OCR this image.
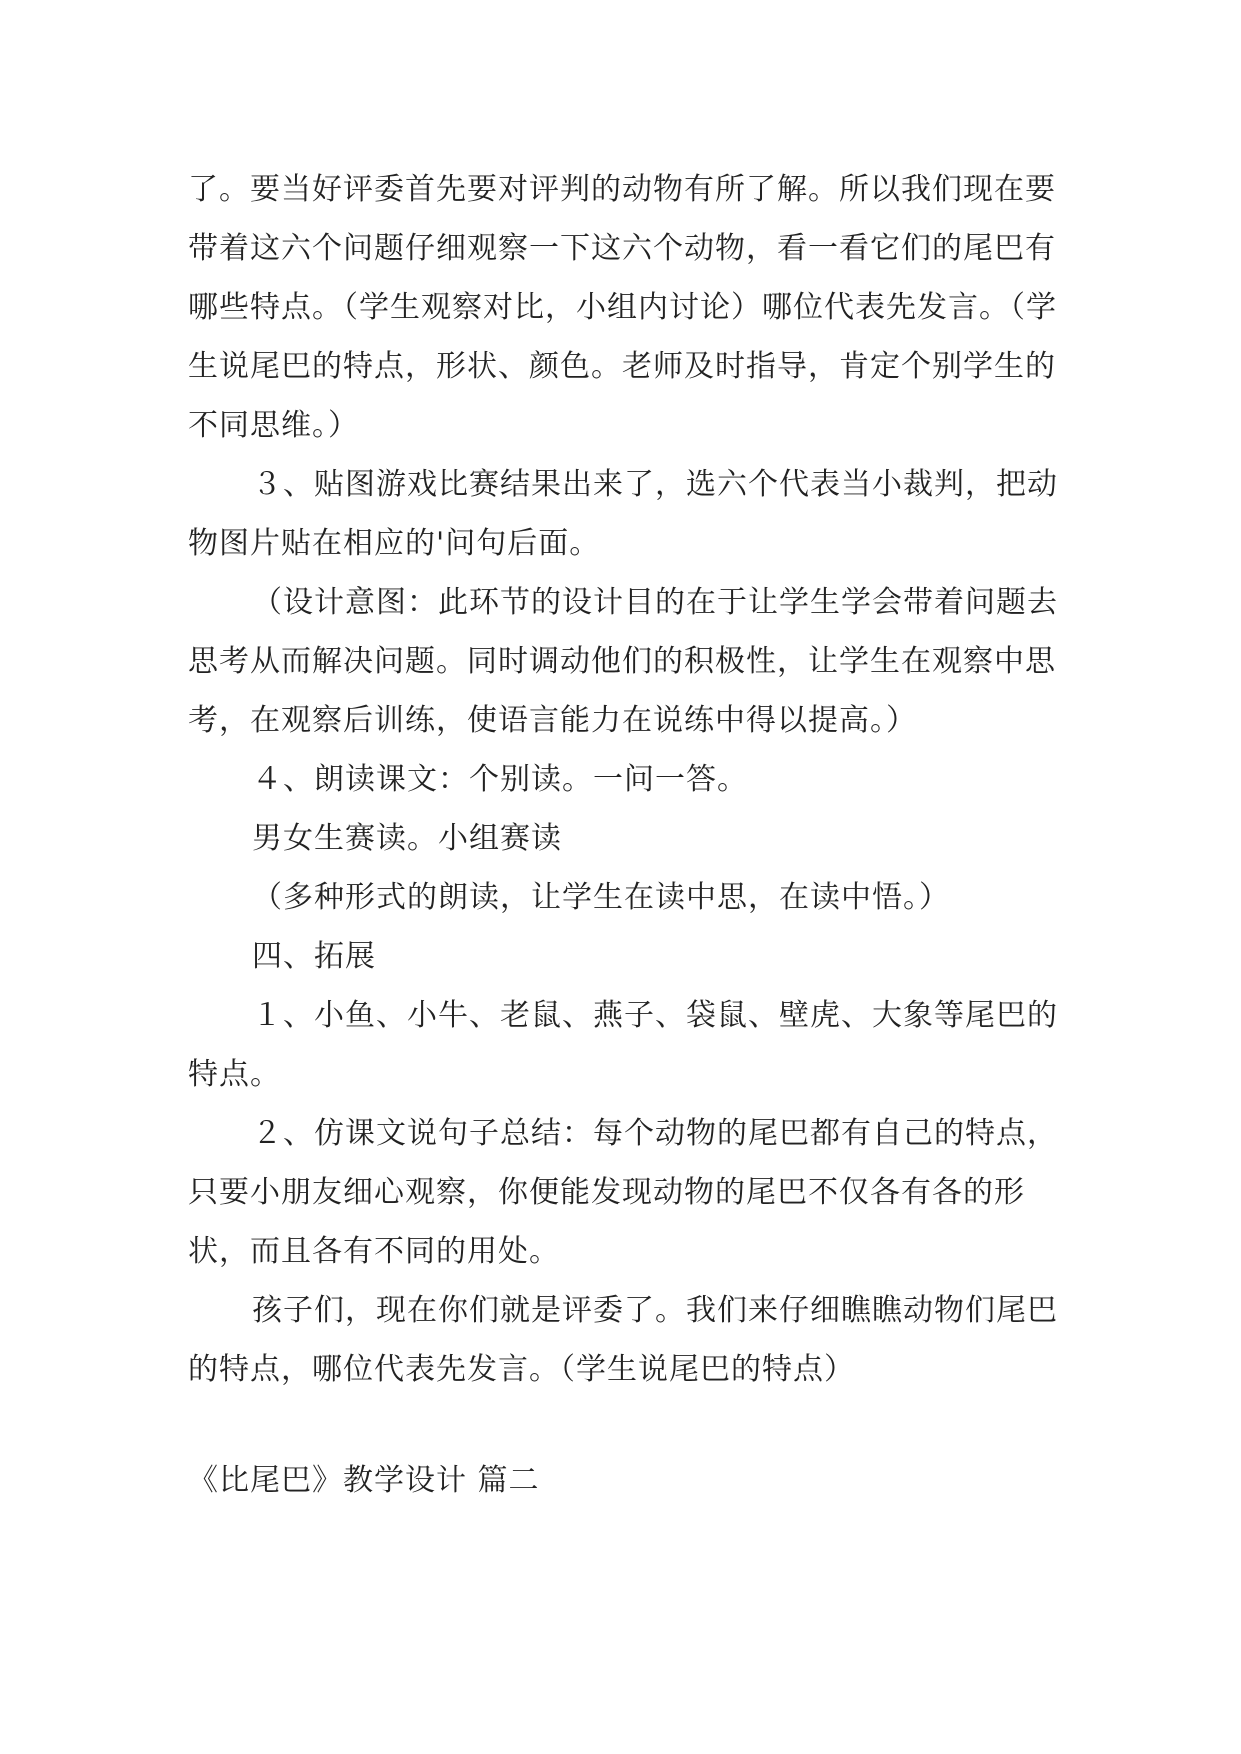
了。要当好评委首先要对评判的动物有所了解。所以我们现在要带着这六个问题仔细观察一下这六个动物，看一看它们的尾巴有哪些特点。（学生观察对比，小组内讨论）哪位代表先发言。（学生说尾巴的特点，形状、颜色。老师及时指导，肯定个别学生的不同思维。）

３、贴图游戏比赛结果出来了，选六个代表当小裁判，把动物图片贴在相应的'问句后面。

（设计意图：此环节的设计目的在于让学生学会带着问题去思考从而解决问题。同时调动他们的积极性，让学生在观察中思考，在观察后训练，使语言能力在说练中得以提高。）

４、朗读课文：个别读。一问一答。

男女生赛读。小组赛读

（多种形式的朗读，让学生在读中思，在读中悟。）

四、拓展

１、小鱼、小牛、老鼠、燕子、袋鼠、壁虎、大象等尾巴的特点。

２、仿课文说句子总结：每个动物的尾巴都有自己的特点，只要小朋友细心观察，你便能发现动物的尾巴不仅各有各的形状，而且各有不同的用处。

孩子们，现在你们就是评委了。我们来仔细瞧瞧动物们尾巴的特点，哪位代表先发言。（学生说尾巴的特点）

《比尾巴》教学设计 篇二
